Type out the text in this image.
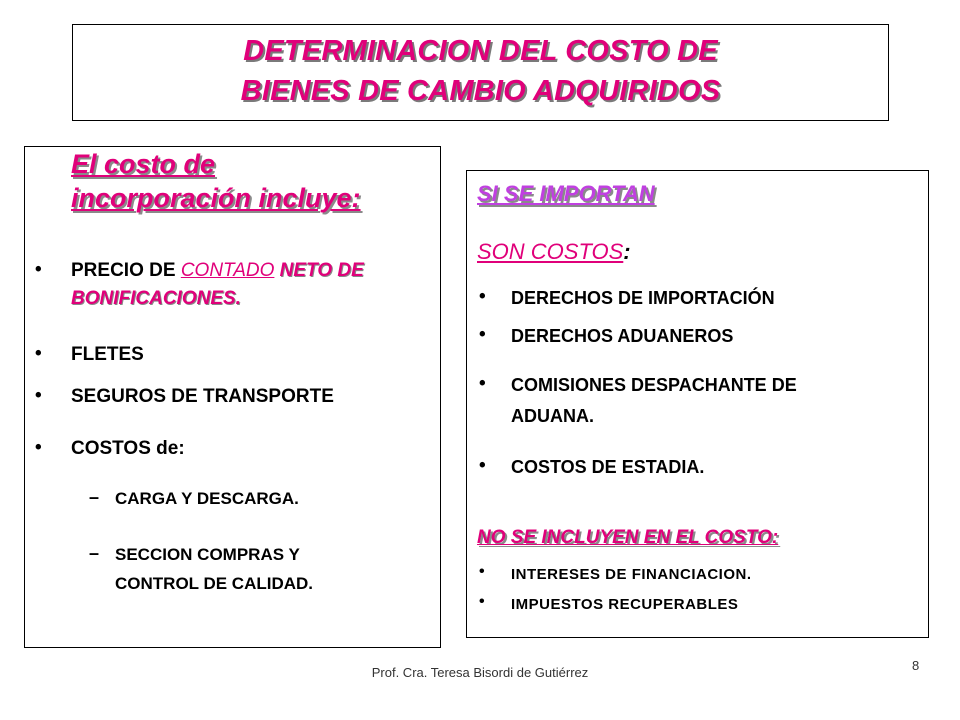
DETERMINACION DEL COSTO DE
BIENES DE CAMBIO ADQUIRIDOS
El costo de
incorporación incluye:
• PRECIO DE CONTADO NETO DE
BONIFICACIONES.
• FLETES
• SEGUROS DE TRANSPORTE
• COSTOS de:
– CARGA Y DESCARGA.
– SECCION COMPRAS Y
CONTROL DE CALIDAD.
SI SE IMPORTAN
SON COSTOS:
• DERECHOS DE IMPORTACIÓN
• DERECHOS ADUANEROS
• COMISIONES DESPACHANTE DE
ADUANA.
• COSTOS DE ESTADIA.
NO SE INCLUYEN EN EL COSTO:
• INTERESES DE FINANCIACION.
• IMPUESTOS RECUPERABLES
Prof. Cra. Teresa Bisordi de Gutiérrez	8
